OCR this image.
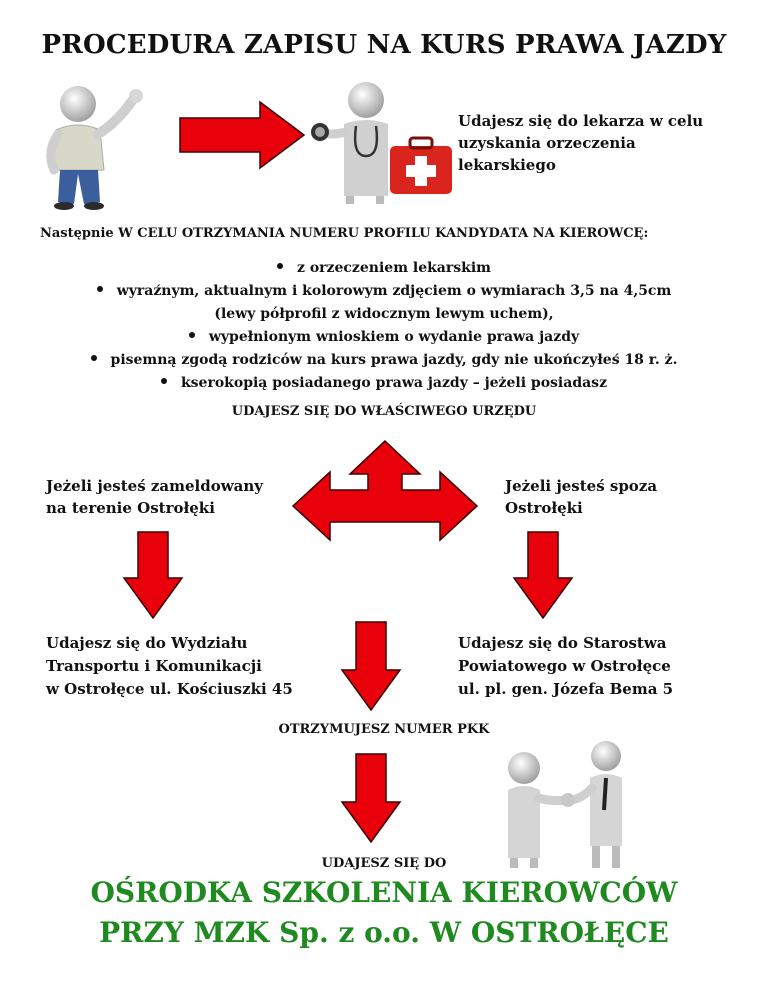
PROCEDURA ZAPISU NA KURS PRAWA JAZDY
Udajesz się do lekarza w celu
uzyskania orzeczenia
lekarskiego
Następnie W CELU OTRZYMANIA NUMERU PROFILU KANDYDATA NA KIEROWCĘ:
z orzeczeniem lekarskim
wyraźnym, aktualnym i kolorowym zdjęciem o wymiarach 3,5 na 4,5cm
(lewy półprofil z widocznym lewym uchem),
wypełnionym wnioskiem o wydanie prawa jazdy
pisemną zgodą rodziców na kurs prawa jazdy, gdy nie ukończyłeś 18 r. ż.
kserokopią posiadanego prawa jazdy – jeżeli posiadasz
UDAJESZ SIĘ DO WŁAŚCIWEGO URZĘDU
Jeżeli jesteś zameldowany
na terenie Ostrołęki
Jeżeli jesteś spoza
Ostrołęki
Udajesz się do Wydziału
Transportu i Komunikacji
w Ostrołęce ul. Kościuszki 45
Udajesz się do Starostwa
Powiatowego w Ostrołęce
ul. pl. gen. Józefa Bema 5
OTRZYMUJESZ NUMER PKK
UDAJESZ SIĘ DO
OŚRODKA SZKOLENIA KIEROWCÓW
PRZY MZK Sp. z o.o. W OSTROŁĘCE
